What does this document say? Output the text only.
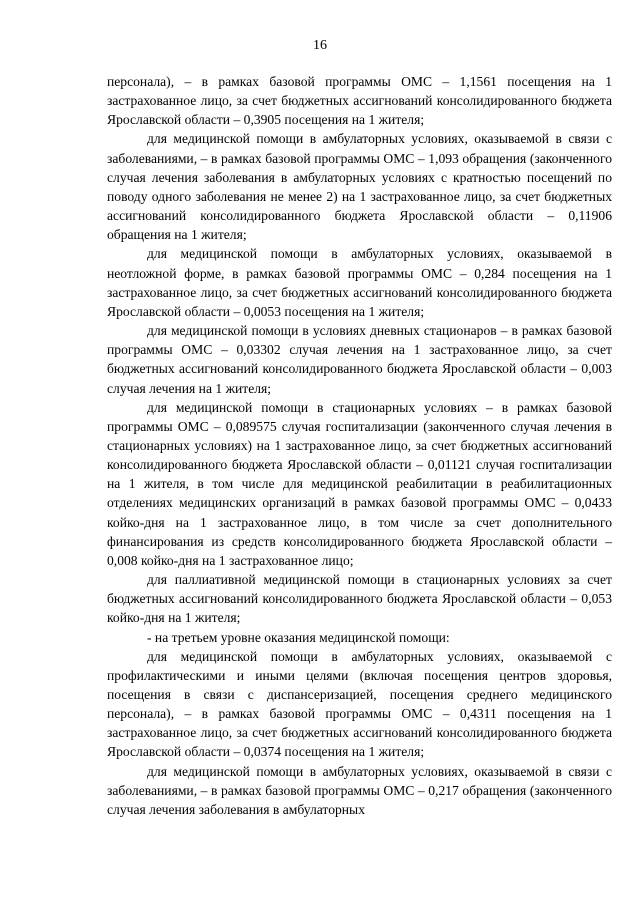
16

персонала), – в рамках базовой программы ОМС – 1,1561 посещения на 1 застрахованное лицо, за счет бюджетных ассигнований консолидированного бюджета Ярославской области – 0,3905 посещения на 1 жителя;

для медицинской помощи в амбулаторных условиях, оказываемой в связи с заболеваниями, – в рамках базовой программы ОМС – 1,093 обращения (законченного случая лечения заболевания в амбулаторных условиях с кратностью посещений по поводу одного заболевания не менее 2) на 1 застрахованное лицо, за счет бюджетных ассигнований консолидированного бюджета Ярославской области – 0,11906 обращения на 1 жителя;

для медицинской помощи в амбулаторных условиях, оказываемой в неотложной форме, в рамках базовой программы ОМС – 0,284 посещения на 1 застрахованное лицо, за счет бюджетных ассигнований консолидированного бюджета Ярославской области – 0,0053 посещения на 1 жителя;

для медицинской помощи в условиях дневных стационаров – в рамках базовой программы ОМС – 0,03302 случая лечения на 1 застрахованное лицо, за счет бюджетных ассигнований консолидированного бюджета Ярославской области – 0,003 случая лечения на 1 жителя;

для медицинской помощи в стационарных условиях – в рамках базовой программы ОМС – 0,089575 случая госпитализации (законченного случая лечения в стационарных условиях) на 1 застрахованное лицо, за счет бюджетных ассигнований консолидированного бюджета Ярославской области – 0,01121 случая госпитализации на 1 жителя, в том числе для медицинской реабилитации в реабилитационных отделениях медицинских организаций в рамках базовой программы ОМС – 0,0433 койко-дня на 1 застрахованное лицо, в том числе за счет дополнительного финансирования из средств консолидированного бюджета Ярославской области – 0,008 койко-дня на 1 застрахованное лицо;

для паллиативной медицинской помощи в стационарных условиях за счет бюджетных ассигнований консолидированного бюджета Ярославской области – 0,053 койко-дня на 1 жителя;

- на третьем уровне оказания медицинской помощи:

для медицинской помощи в амбулаторных условиях, оказываемой с профилактическими и иными целями (включая посещения центров здоровья, посещения в связи с диспансеризацией, посещения среднего медицинского персонала), – в рамках базовой программы ОМС – 0,4311 посещения на 1 застрахованное лицо, за счет бюджетных ассигнований консолидированного бюджета Ярославской области – 0,0374 посещения на 1 жителя;

для медицинской помощи в амбулаторных условиях, оказываемой в связи с заболеваниями, – в рамках базовой программы ОМС – 0,217 обращения (законченного случая лечения заболевания в амбулаторных
